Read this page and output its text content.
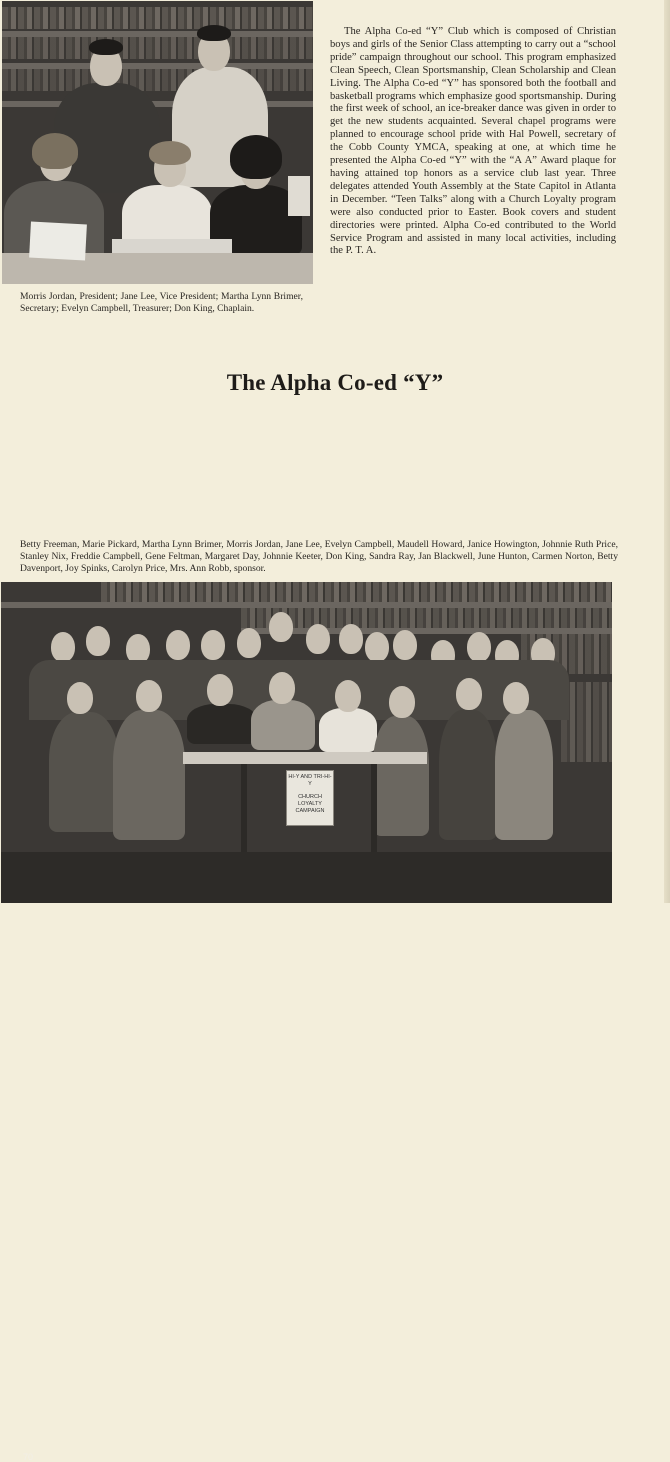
The Alpha Co-ed “Y” Club which is composed of Christian boys and girls of the Senior Class attempting to carry out a “school pride” campaign throughout our school. This program emphasized Clean Speech, Clean Sportsmanship, Clean Scholarship and Clean Living. The Alpha Co-ed “Y” has sponsored both the football and basketball programs which emphasize good sportsmanship. During the first week of school, an ice-breaker dance was given in order to get the new students acquainted. Several chapel programs were planned to encourage school pride with Hal Powell, secretary of the Cobb County YMCA, speaking at one, at which time he presented the Alpha Co-ed “Y” with the “A A” Award plaque for having attained top honors as a service club last year. Three delegates attended Youth Assembly at the State Capitol in Atlanta in December. “Teen Talks” along with a Church Loyalty program were also conducted prior to Easter. Book covers and student directories were printed. Alpha Co-ed contributed to the World Service Program and assisted in many local activities, including the P. T. A.

Morris Jordan, President; Jane Lee, Vice President; Martha Lynn Brimer, Secretary; Evelyn Campbell, Treasurer; Don King, Chaplain.

The Alpha Co-ed “Y”

Betty Freeman, Marie Pickard, Martha Lynn Brimer, Morris Jordan, Jane Lee, Evelyn Campbell, Maudell Howard, Janice Howington, Johnnie Ruth Price, Stanley Nix, Freddie Campbell, Gene Feltman, Margaret Day, Johnnie Keeter, Don King, Sandra Ray, Jan Blackwell, June Hunton, Carmen Norton, Betty Davenport, Joy Spinks, Carolyn Price, Mrs. Ann Robb, sponsor.

70
HI-Y AND TRI-HI-Y
CHURCH LOYALTY
CAMPAIGN
